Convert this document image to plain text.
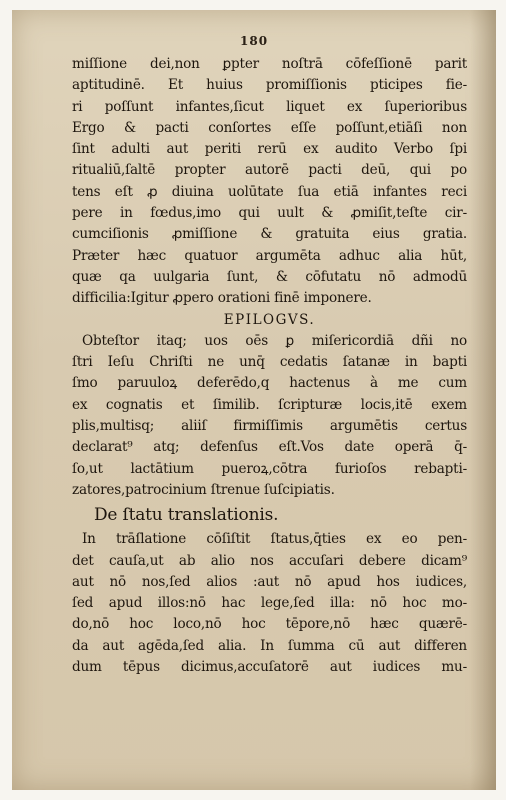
180
miſſione dei,non ꝑpter noſtrā cōfeſſionē parit
aptitudinē. Et huius promiſſionis pticipes fie-
ri poſſunt infantes,ſicut liquet ex ſuperioribus
Ergo & pacti conſortes eſſe poſſunt,etiāſi non
ſint adulti aut periti rerū ex audito Verbo ſpi
ritualiū,ſaltē propter autorē pacti deū, qui po
tens eſt ꝓ diuina uolūtate ſua etiā infantes reci
pere in fœdus,imo qui uult & ꝓmiſit,teſte cir-
cumciſionis ꝓmiſſione & gratuita eius gratia.
Præter hæc quatuor argumēta adhuc alia hūt,
quæ qa uulgaria ſunt, & cōfutatu nō admodū
difficilia:Igitur ꝓpero orationi finē imponere.
EPILOGVS.
Obteſtor itaq; uos oēs ꝑ miſericordiā dñi no
ſtri Ieſu Chriſti ne unq̄ cedatis ſatanæ in bapti
ſmo paruuloꝝ deferēdo,q hactenus à me cum
ex cognatis et ſimilib. ſcripturæ locis,itē exem
plis,multisq; aliiſ firmiſſimis argumētis certus
declarat⁹ atq; defenſus eſt.Vos date operā q̄-
ſo,ut lactātium pueroꝝ,cōtra furioſos rebapti-
zatores,patrocinium ſtrenue ſuſcipiatis.
De ſtatu translationis.
In trāſlatione cōſiſtit ſtatus,q̄ties ex eo pen-
det cauſa,ut ab alio nos accuſari debere dicam⁹
aut nō nos,ſed alios :aut nō apud hos iudices,
ſed apud illos:nō hac lege,ſed illa: nō hoc mo-
do,nō hoc loco,nō hoc tēpore,nō hæc quærē-
da aut agēda,ſed alia. In ſumma cū aut differen
dum tēpus dicimus,accuſatorē aut iudices mu-
